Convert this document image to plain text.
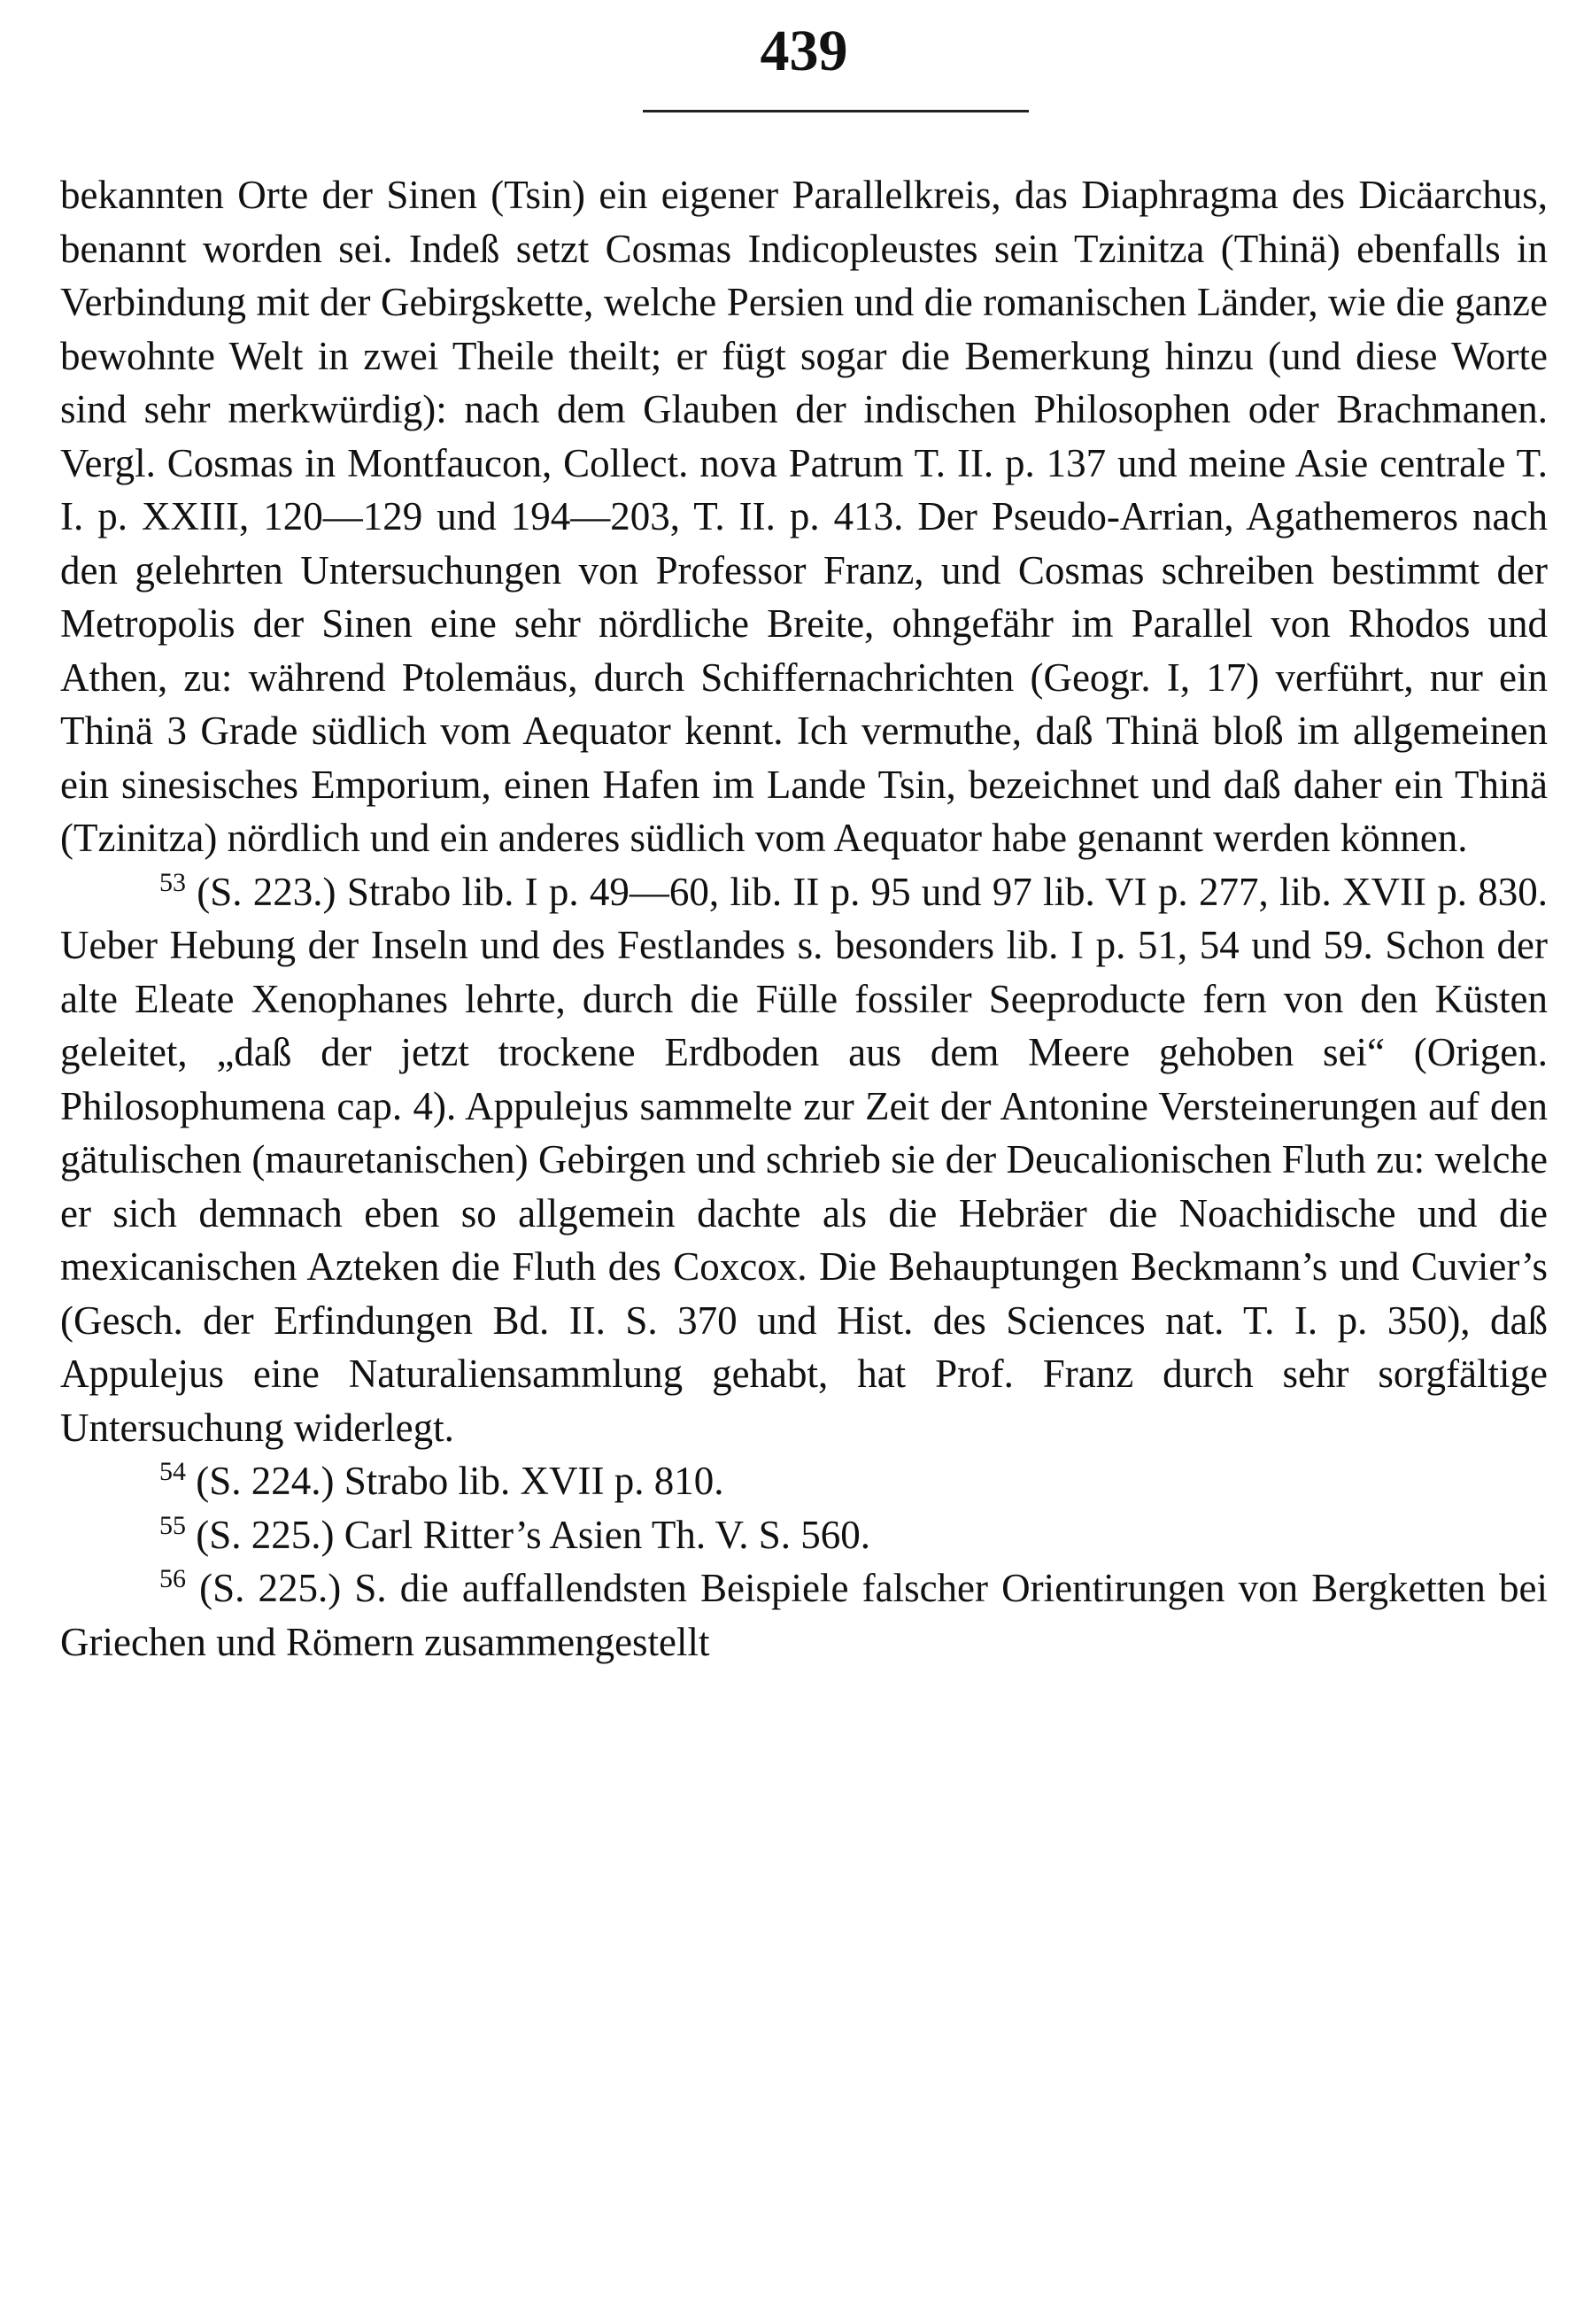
439

bekannten Orte der Sinen (Tsin) ein eigener Parallelkreis, das Diaphragma des Dicäarchus, benannt worden sei. Indeß setzt Cosmas Indicopleustes sein Tzinitza (Thinä) ebenfalls in Verbindung mit der Gebirgskette, welche Persien und die romanischen Länder, wie die ganze bewohnte Welt in zwei Theile theilt; er fügt sogar die Bemerkung hinzu (und diese Worte sind sehr merkwürdig): nach dem Glauben der indischen Philosophen oder Brachmanen. Vergl. Cosmas in Montfaucon, Collect. nova Patrum T. II. p. 137 und meine Asie centrale T. I. p. XXIII, 120—129 und 194—203, T. II. p. 413. Der Pseudo-Arrian, Agathemeros nach den gelehrten Untersuchungen von Professor Franz, und Cosmas schreiben bestimmt der Metropolis der Sinen eine sehr nördliche Breite, ohngefähr im Parallel von Rhodos und Athen, zu: während Ptolemäus, durch Schiffernachrichten (Geogr. I, 17) verführt, nur ein Thinä 3 Grade südlich vom Aequator kennt. Ich vermuthe, daß Thinä bloß im allgemeinen ein sinesisches Emporium, einen Hafen im Lande Tsin, bezeichnet und daß daher ein Thinä (Tzinitza) nördlich und ein anderes südlich vom Aequator habe genannt werden können.

$^{53}$ (S. 223.) Strabo lib. I p. 49—60, lib. II p. 95 und 97 lib. VI p. 277, lib. XVII p. 830. Ueber Hebung der Inseln und des Festlandes s. besonders lib. I p. 51, 54 und 59. Schon der alte Eleate Xenophanes lehrte, durch die Fülle fossiler Seeproducte fern von den Küsten geleitet, „daß der jetzt trockene Erdboden aus dem Meere gehoben sei“ (Origen. Philosophumena cap. 4). Appulejus sammelte zur Zeit der Antonine Versteinerungen auf den gätulischen (mauretanischen) Gebirgen und schrieb sie der Deucalionischen Fluth zu: welche er sich demnach eben so allgemein dachte als die Hebräer die Noachidische und die mexicanischen Azteken die Fluth des Coxcox. Die Behauptungen Beckmann’s und Cuvier’s (Gesch. der Erfindungen Bd. II. S. 370 und Hist. des Sciences nat. T. I. p. 350), daß Appulejus eine Naturaliensammlung gehabt, hat Prof. Franz durch sehr sorgfältige Untersuchung widerlegt.

$^{54}$ (S. 224.) Strabo lib. XVII p. 810.

$^{55}$ (S. 225.) Carl Ritter’s Asien Th. V. S. 560.

$^{56}$ (S. 225.) S. die auffallendsten Beispiele falscher Orientirungen von Bergketten bei Griechen und Römern zusammengestellt
